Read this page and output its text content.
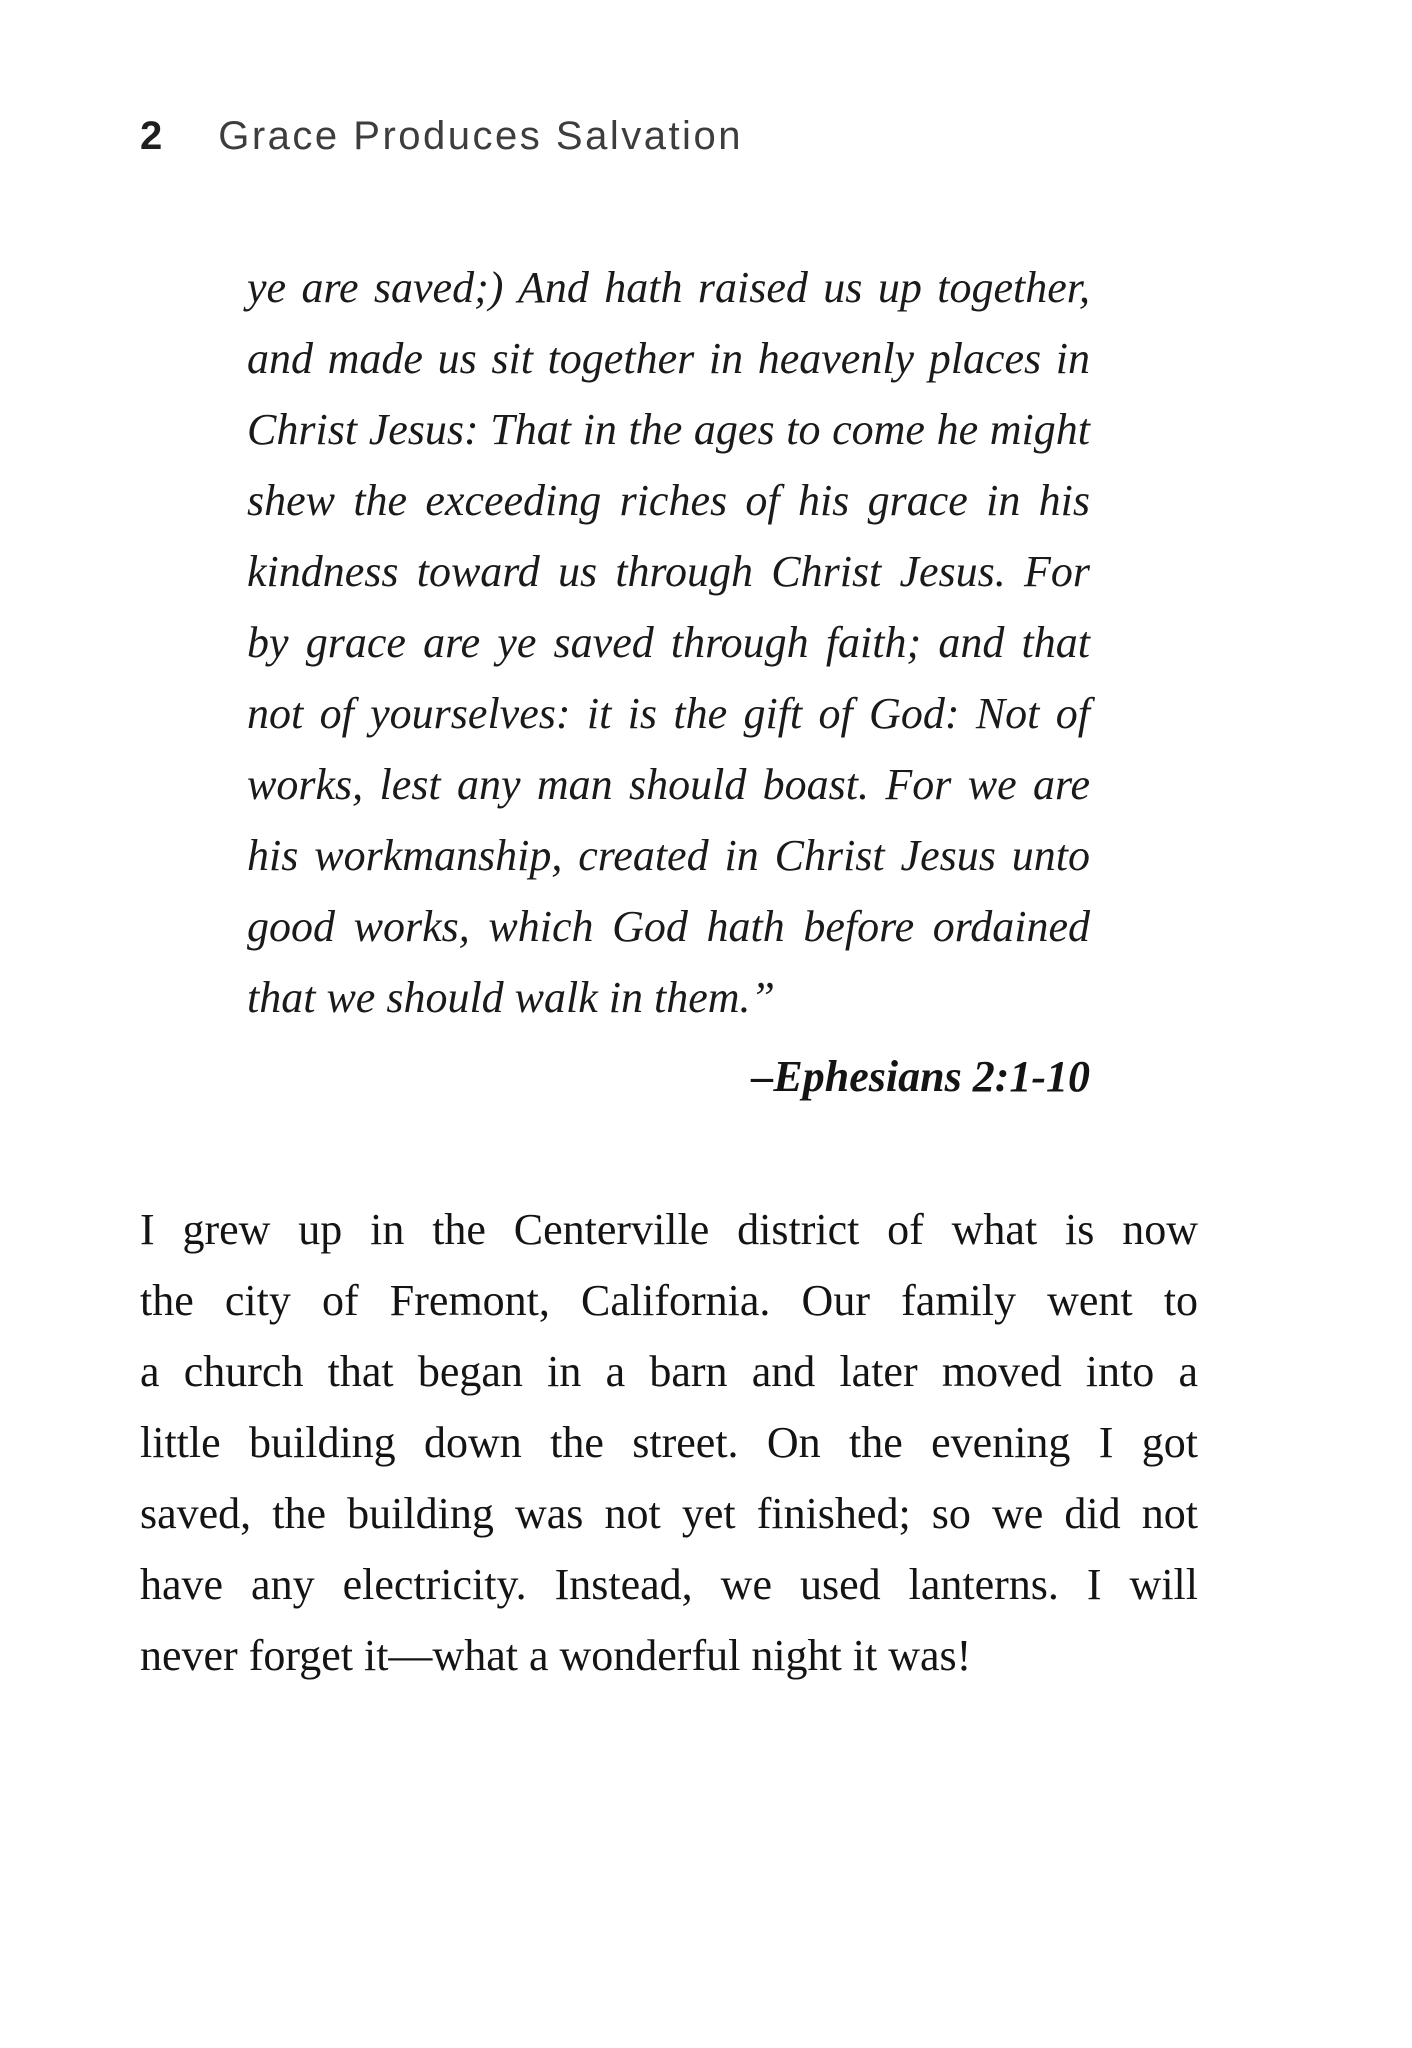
2 Grace Produces Salvation
ye are saved;) And hath raised us up together,
and made us sit together in heavenly places in
Christ Jesus: That in the ages to come he might
shew the exceeding riches of his grace in his
kindness toward us through Christ Jesus. For
by grace are ye saved through faith; and that
not of yourselves: it is the gift of God: Not of
works, lest any man should boast. For we are
his workmanship, created in Christ Jesus unto
good works, which God hath before ordained
that we should walk in them.”
–Ephesians 2:1-10
I grew up in the Centerville district of what is now
the city of Fremont, California. Our family went to
a church that began in a barn and later moved into a
little building down the street. On the evening I got
saved, the building was not yet finished; so we did not
have any electricity. Instead, we used lanterns. I will
never forget it—what a wonderful night it was!
